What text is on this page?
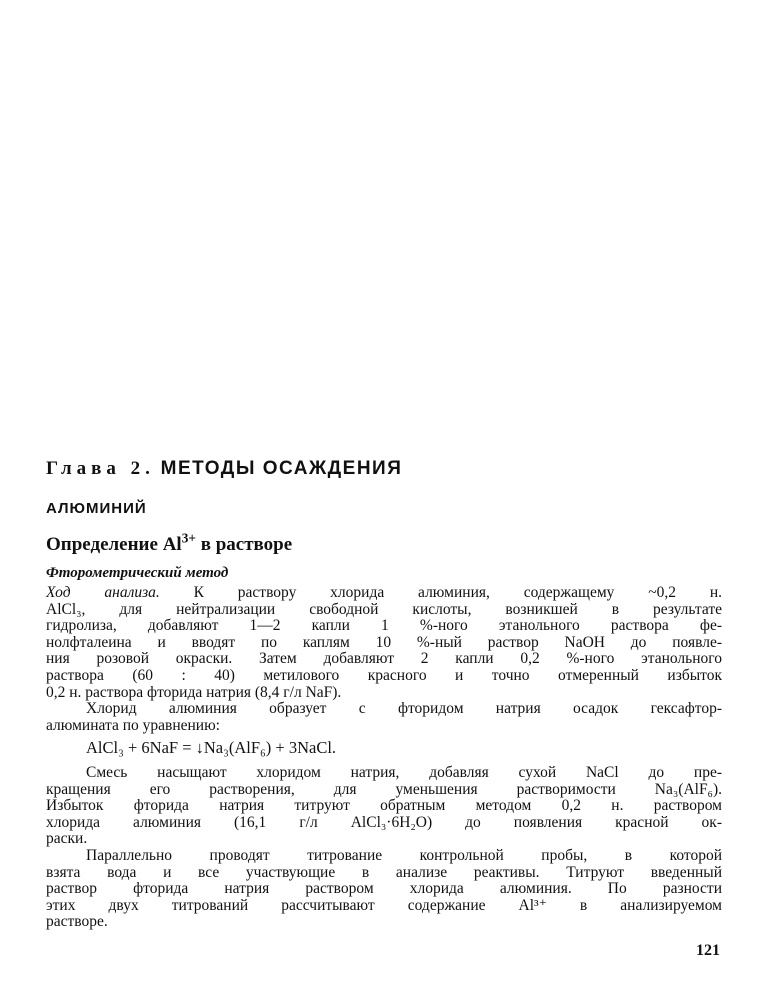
Глава 2. МЕТОДЫ ОСАЖДЕНИЯ
АЛЮМИНИЙ
Определение $Al^{3+}$ в растворе
Фторометрический метод
Ход анализа. К раствору хлорида алюминия, содержащему ~0,2 н.
AlCl₃, для нейтрализации свободной кислоты, возникшей в результате
гидролиза, добавляют 1—2 капли 1 %-ного этанольного раствора фе-
нолфталеина и вводят по каплям 10 %-ный раствор NaOH до появле-
ния розовой окраски. Затем добавляют 2 капли 0,2 %-ного этанольного
раствора (60 : 40) метилового красного и точно отмеренный избыток
0,2 н. раствора фторида натрия (8,4 г/л NaF).
Хлорид алюминия образует с фторидом натрия осадок гексафтор-
алюмината по уравнению:
AlCl₃ + 6NaF = ↓Na₃(AlF₆) + 3NaCl.
Смесь насыщают хлоридом натрия, добавляя сухой NaCl до пре-
кращения его растворения, для уменьшения растворимости Na₃(AlF₆).
Избыток фторида натрия титруют обратным методом 0,2 н. раствором
хлорида алюминия (16,1 г/л AlCl₃·6H₂O) до появления красной ок-
раски.
Параллельно проводят титрование контрольной пробы, в которой
взята вода и все участвующие в анализе реактивы. Титруют введенный
раствор фторида натрия раствором хлорида алюминия. По разности
этих двух титрований рассчитывают содержание Al³⁺ в анализируемом
растворе.
121
